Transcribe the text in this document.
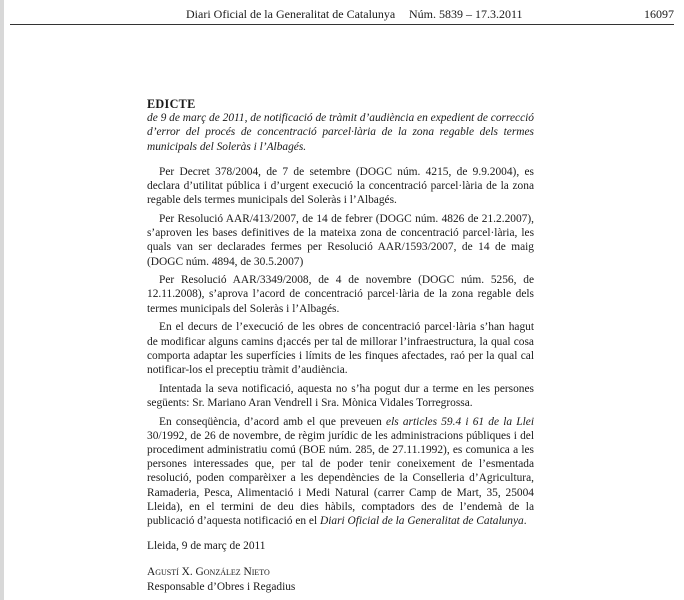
Diari Oficial de la Generalitat de Catalunya Núm. 5839 – 17.3.2011	16097

EDICTE

de 9 de març de 2011, de notificació de tràmit d’audiència en expedient de correcció d’error del procés de concentració parcel·lària de la zona regable dels termes municipals del Soleràs i l’Albagés.

Per Decret 378/2004, de 7 de setembre (DOGC núm. 4215, de 9.9.2004), es declara d’utilitat pública i d’urgent execució la concentració parcel·lària de la zona regable dels termes municipals del Soleràs i l’Albagés.

Per Resolució AAR/413/2007, de 14 de febrer (DOGC núm. 4826 de 21.2.2007), s’aproven les bases definitives de la mateixa zona de concentració parcel·lària, les quals van ser declarades fermes per Resolució AAR/1593/2007, de 14 de maig (DOGC núm. 4894, de 30.5.2007)

Per Resolució AAR/3349/2008, de 4 de novembre (DOGC núm. 5256, de 12.11.2008), s’aprova l’acord de concentració parcel·lària de la zona regable dels termes municipals del Soleràs i l’Albagés.

En el decurs de l’execució de les obres de concentració parcel·lària s’han hagut de modificar alguns camins d¡accés per tal de millorar l’infraestructura, la qual cosa comporta adaptar les superfícies i límits de les finques afectades, raó per la qual cal notificar-los el preceptiu tràmit d’audiència.

Intentada la seva notificació, aquesta no s’ha pogut dur a terme en les persones següents: Sr. Mariano Aran Vendrell i Sra. Mònica Vidales Torregrossa.

En conseqüència, d’acord amb el que preveuen els articles 59.4 i 61 de la Llei 30/1992, de 26 de novembre, de règim jurídic de les administracions públiques i del procediment administratiu comú (BOE núm. 285, de 27.11.1992), es comunica a les persones interessades que, per tal de poder tenir coneixement de l’esmentada resolució, poden comparèixer a les dependències de la Conselleria d’Agricultura, Ramaderia, Pesca, Alimentació i Medi Natural (carrer Camp de Mart, 35, 25004 Lleida), en el termini de deu dies hàbils, comptadors des de l’endemà de la publicació d’aquesta notificació en el Diari Oficial de la Generalitat de Catalunya.

Lleida, 9 de març de 2011

Agustí X. González Nieto

Responsable d’Obres i Regadius
